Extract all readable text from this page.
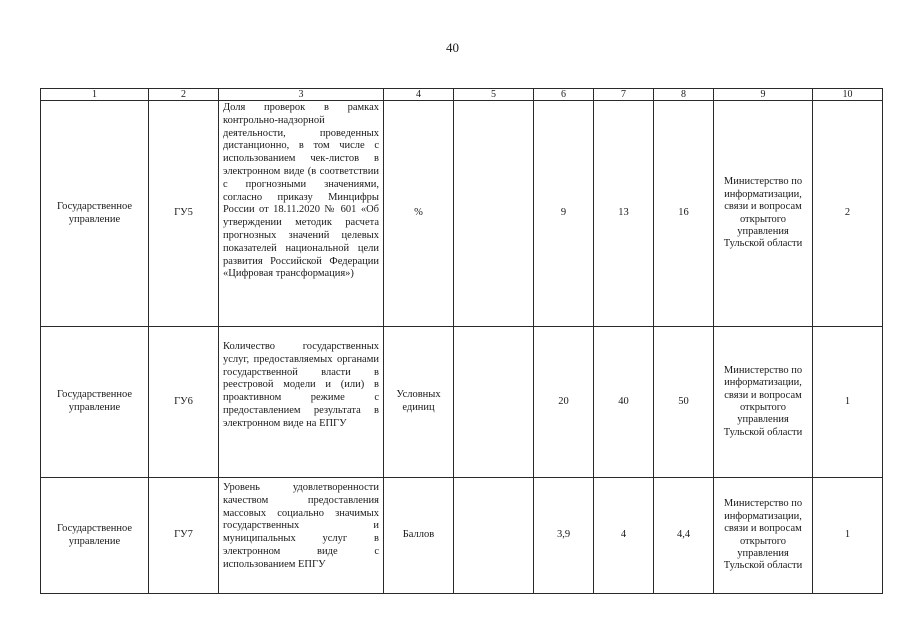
40
1	2	3	4	5	6	7	8	9	10
Государственное управление	ГУ5	Доля проверок в рамках контрольно-надзорной деятельности, проведенных дистанционно, в том числе с использованием чек-листов в электронном виде (в соответствии с прогнозными значениями, согласно приказу Минцифры России от 18.11.2020 № 601 «Об утверждении методик расчета прогнозных значений целевых показателей национальной цели развития Российской Федерации «Цифровая трансформация»)	%		9	13	16	Министерство по информатизации, связи и вопросам открытого управления Тульской области	2
Государственное управление	ГУ6	Количество государственных услуг, предоставляемых органами государственной власти в реестровой модели и (или) в проактивном режиме с предоставлением результата в электронном виде на ЕПГУ	Условных единиц		20	40	50	Министерство по информатизации, связи и вопросам открытого управления Тульской области	1
Государственное управление	ГУ7	Уровень удовлетворенности качеством предоставления массовых социально значимых государственных и муниципальных услуг в электронном виде с использованием ЕПГУ	Баллов		3,9	4	4,4	Министерство по информатизации, связи и вопросам открытого управления Тульской области	1
